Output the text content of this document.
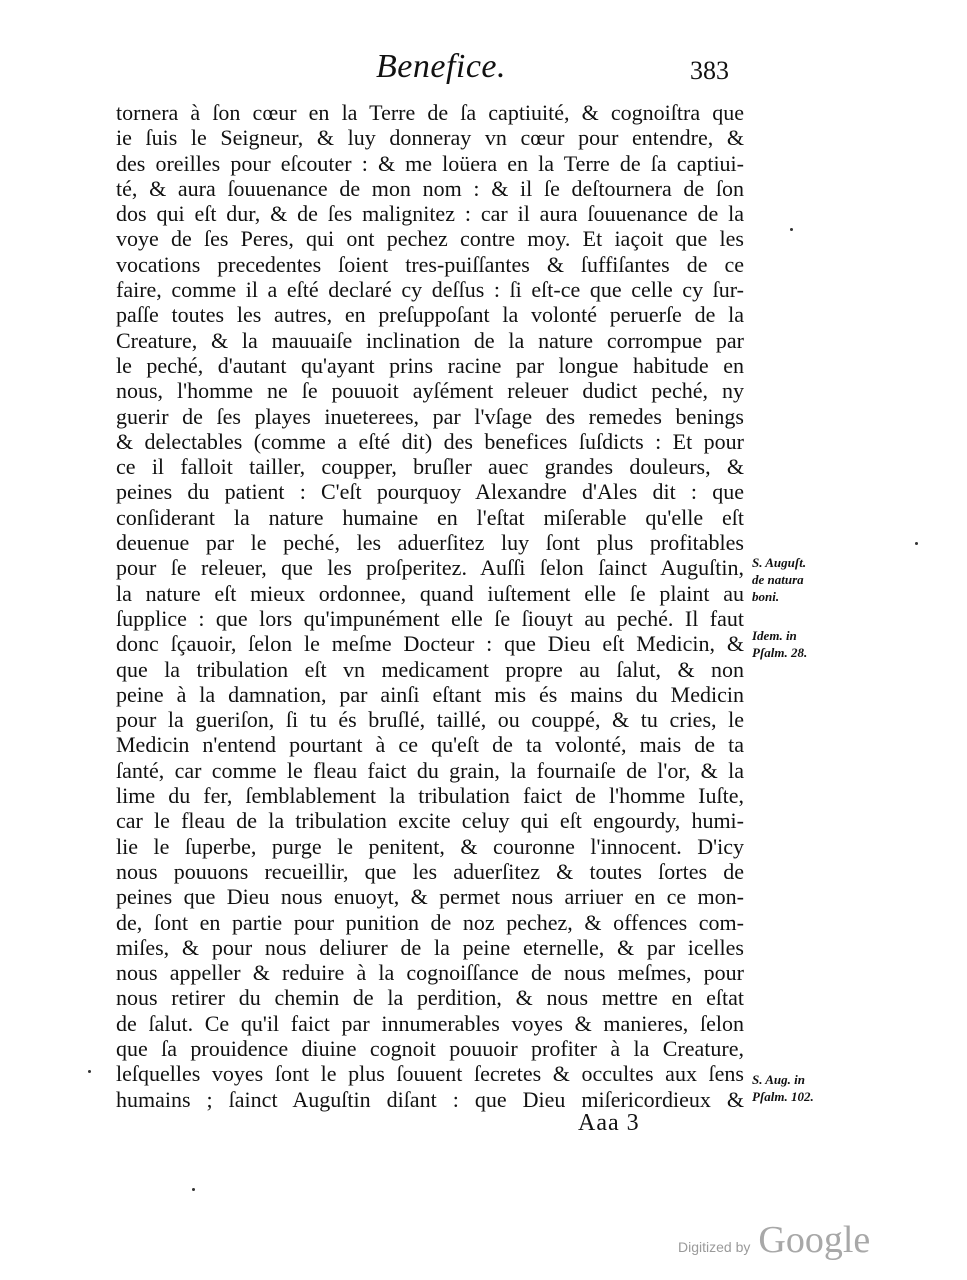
Benefice.	383
tornera à ſon cœur en la Terre de ſa captiuité, & cognoiſtra que
ie ſuis le Seigneur, & luy donneray vn cœur pour entendre, &
des oreilles pour eſcouter : & me loüera en la Terre de ſa captiui-
té, & aura ſouuenance de mon nom : & il ſe deſtournera de ſon
dos qui eſt dur, & de ſes malignitez : car il aura ſouuenance de la
voye de ſes Peres, qui ont pechez contre moy. Et iaçoit que les
vocations precedentes ſoient tres-puiſſantes & ſuffiſantes de ce
faire, comme il a eſté declaré cy deſſus : ſi eſt-ce que celle cy ſur-
paſſe toutes les autres, en preſuppoſant la volonté peruerſe de la
Creature, & la mauuaiſe inclination de la nature corrompue par
le peché, d'autant qu'ayant prins racine par longue habitude en
nous, l'homme ne ſe pouuoit ayſément releuer dudict peché, ny
guerir de ſes playes inueterees, par l'vſage des remedes benings
& delectables (comme a eſté dit) des benefices ſuſdicts : Et pour
ce il falloit tailler, coupper, bruſler auec grandes douleurs, &
peines du patient : C'eſt pourquoy Alexandre d'Ales dit : que
conſiderant la nature humaine en l'eſtat miſerable qu'elle eſt
deuenue par le peché, les aduerſitez luy ſont plus profitables
pour ſe releuer, que les proſperitez. Auſſi ſelon ſainct Auguſtin,
la nature eſt mieux ordonnee, quand iuſtement elle ſe plaint au
ſupplice : que lors qu'impunément elle ſe ſiouyt au peché. Il faut
donc ſçauoir, ſelon le meſme Docteur : que Dieu eſt Medicin, &
que la tribulation eſt vn medicament propre au ſalut, & non
peine à la damnation, par ainſi eſtant mis és mains du Medicin
pour la gueriſon, ſi tu és bruſlé, taillé, ou couppé, & tu cries, le
Medicin n'entend pourtant à ce qu'eſt de ta volonté, mais de ta
ſanté, car comme le fleau faict du grain, la fournaiſe de l'or, & la
lime du fer, ſemblablement la tribulation faict de l'homme Iuſte,
car le fleau de la tribulation excite celuy qui eſt engourdy, humi-
lie le ſuperbe, purge le penitent, & couronne l'innocent. D'icy
nous pouuons recueillir, que les aduerſitez & toutes ſortes de
peines que Dieu nous enuoyt, & permet nous arriuer en ce mon-
de, ſont en partie pour punition de noz pechez, & offences com-
miſes, & pour nous deliurer de la peine eternelle, & par icelles
nous appeller & reduire à la cognoiſſance de nous meſmes, pour
nous retirer du chemin de la perdition, & nous mettre en eſtat
de ſalut. Ce qu'il faict par innumerables voyes & manieres, ſelon
que ſa prouidence diuine cognoit pouuoir profiter à la Creature,
leſquelles voyes ſont le plus ſouuent ſecretes & occultes aux ſens
humains ; ſainct Auguſtin diſant : que Dieu miſericordieux &
S. Auguſt.
de natura
boni.
Idem. in
Pſalm. 28.
S. Aug. in
Pſalm. 102.
Aaa 3
Digitized by Google
